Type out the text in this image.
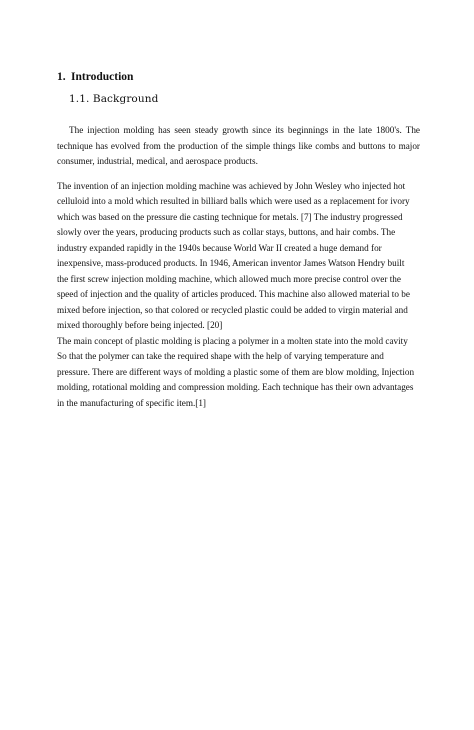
1. Introduction
1.1. Background

The injection molding has seen steady growth since its beginnings in the late 1800's. The technique has evolved from the production of the simple things like combs and buttons to major consumer, industrial, medical, and aerospace products.

The invention of an injection molding machine was achieved by John Wesley who injected hot
celluloid into a mold which resulted in billiard balls which were used as a replacement for ivory
which was based on the pressure die casting technique for metals. [7] The industry progressed
slowly over the years, producing products such as collar stays, buttons, and hair combs. The
industry expanded rapidly in the 1940s because World War II created a huge demand for
inexpensive, mass-produced products. In 1946, American inventor James Watson Hendry built
the first screw injection molding machine, which allowed much more precise control over the
speed of injection and the quality of articles produced. This machine also allowed material to be
mixed before injection, so that colored or recycled plastic could be added to virgin material and
mixed thoroughly before being injected. [20]

The main concept of plastic molding is placing a polymer in a molten state into the mold cavity
So that the polymer can take the required shape with the help of varying temperature and
pressure. There are different ways of molding a plastic some of them are blow molding, Injection
molding, rotational molding and compression molding. Each technique has their own advantages
in the manufacturing of specific item.[1]
